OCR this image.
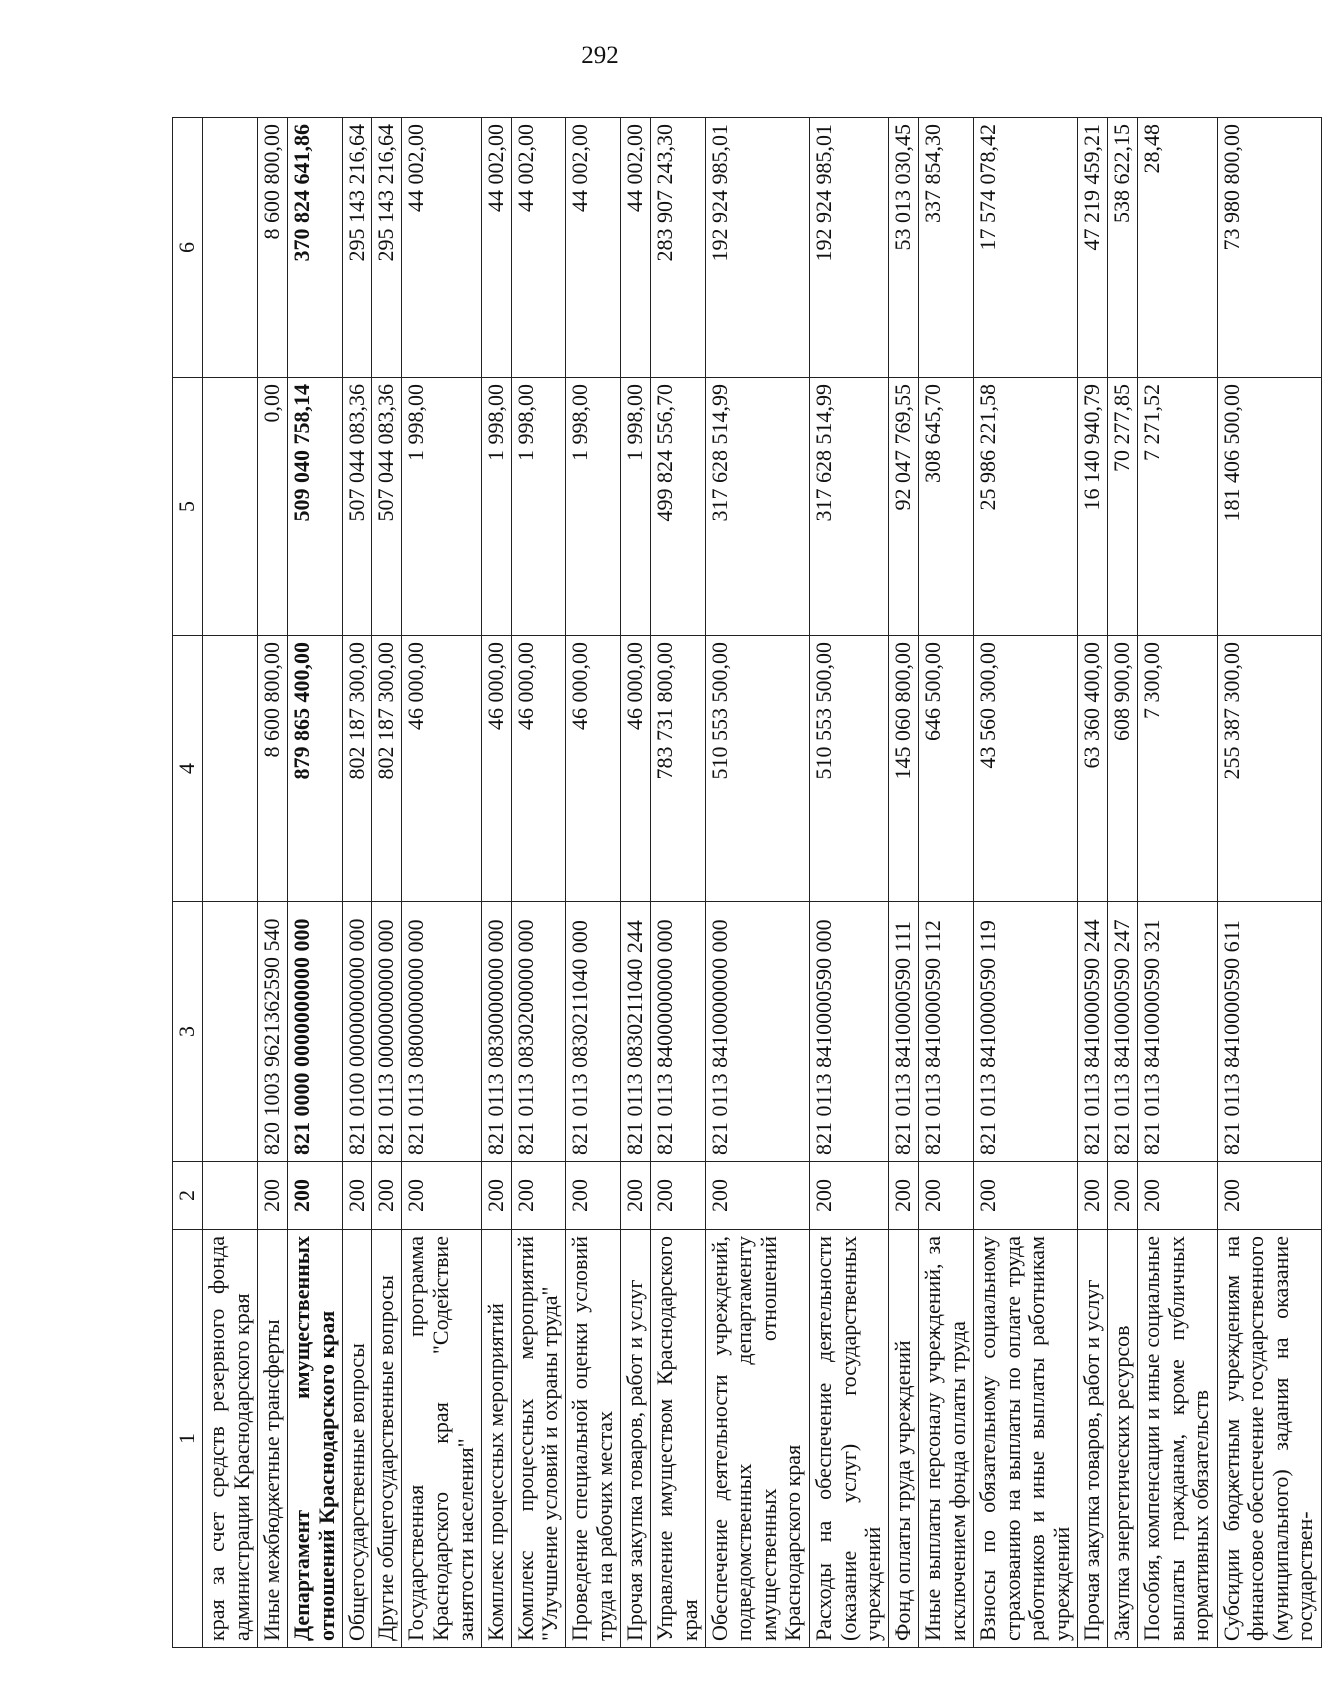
292
1	2	3	4	5	6
края за счет средств резервного фонда администрации Краснодарского края					
Иные межбюджетные трансферты	200	820 1003 9621362590 540	8 600 800,00	0,00	8 600 800,00
Департамент имущественных отношений Краснодарского края	200	821 0000 0000000000 000	879 865 400,00	509 040 758,14	370 824 641,86
Общегосударственные вопросы	200	821 0100 0000000000 000	802 187 300,00	507 044 083,36	295 143 216,64
Другие общегосударственные вопросы	200	821 0113 0000000000 000	802 187 300,00	507 044 083,36	295 143 216,64
Государственная программа Краснодарского края "Содействие занятости населения"	200	821 0113 0800000000 000	46 000,00	1 998,00	44 002,00
Комплекс процессных мероприятий	200	821 0113 0830000000 000	46 000,00	1 998,00	44 002,00
Комплекс процессных мероприятий "Улучшение условий и охраны труда"	200	821 0113 0830200000 000	46 000,00	1 998,00	44 002,00
Проведение специальной оценки условий труда на рабочих местах	200	821 0113 0830211040 000	46 000,00	1 998,00	44 002,00
Прочая закупка товаров, работ и услуг	200	821 0113 0830211040 244	46 000,00	1 998,00	44 002,00
Управление имуществом Краснодарского края	200	821 0113 8400000000 000	783 731 800,00	499 824 556,70	283 907 243,30
Обеспечение деятельности учреждений, подведомственных департаменту имущественных отношений Краснодарского края	200	821 0113 8410000000 000	510 553 500,00	317 628 514,99	192 924 985,01
Расходы на обеспечение деятельности (оказание услуг) государственных учреждений	200	821 0113 8410000590 000	510 553 500,00	317 628 514,99	192 924 985,01
Фонд оплаты труда учреждений	200	821 0113 8410000590 111	145 060 800,00	92 047 769,55	53 013 030,45
Иные выплаты персоналу учреждений, за исключением фонда оплаты труда	200	821 0113 8410000590 112	646 500,00	308 645,70	337 854,30
Взносы по обязательному социальному страхованию на выплаты по оплате труда работников и иные выплаты работникам учреждений	200	821 0113 8410000590 119	43 560 300,00	25 986 221,58	17 574 078,42
Прочая закупка товаров, работ и услуг	200	821 0113 8410000590 244	63 360 400,00	16 140 940,79	47 219 459,21
Закупка энергетических ресурсов	200	821 0113 8410000590 247	608 900,00	70 277,85	538 622,15
Пособия, компенсации и иные социальные выплаты гражданам, кроме публичных нормативных обязательств	200	821 0113 8410000590 321	7 300,00	7 271,52	28,48
Субсидии бюджетным учреждениям на финансовое обеспечение государственного (муниципального) задания на оказание государствен-	200	821 0113 8410000590 611	255 387 300,00	181 406 500,00	73 980 800,00
